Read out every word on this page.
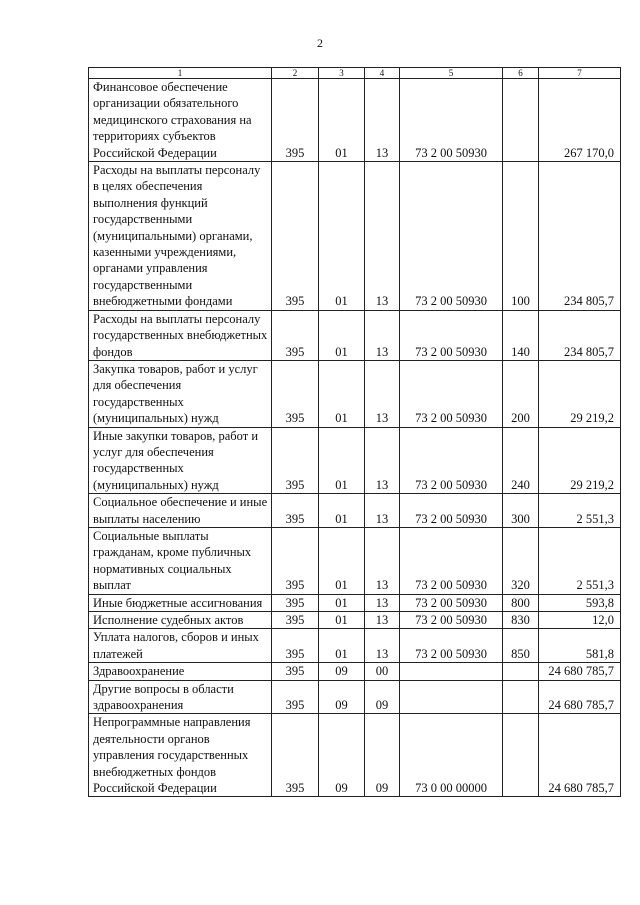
2
1	2	3	4	5	6	7
Финансовое обеспечение организации обязательного медицинского страхования на территориях субъектов Российской Федерации	395	01	13	73 2 00 50930		267 170,0
Расходы на выплаты персоналу в целях обеспечения выполнения функций государственными (муниципальными) органами, казенными учреждениями, органами управления государственными внебюджетными фондами	395	01	13	73 2 00 50930	100	234 805,7
Расходы на выплаты персоналу государственных внебюджетных фондов	395	01	13	73 2 00 50930	140	234 805,7
Закупка товаров, работ и услуг для обеспечения государственных (муниципальных) нужд	395	01	13	73 2 00 50930	200	29 219,2
Иные закупки товаров, работ и услуг для обеспечения государственных (муниципальных) нужд	395	01	13	73 2 00 50930	240	29 219,2
Социальное обеспечение и иные выплаты населению	395	01	13	73 2 00 50930	300	2 551,3
Социальные выплаты гражданам, кроме публичных нормативных социальных выплат	395	01	13	73 2 00 50930	320	2 551,3
Иные бюджетные ассигнования	395	01	13	73 2 00 50930	800	593,8
Исполнение судебных актов	395	01	13	73 2 00 50930	830	12,0
Уплата налогов, сборов и иных платежей	395	01	13	73 2 00 50930	850	581,8
Здравоохранение	395	09	00			24 680 785,7
Другие вопросы в области здравоохранения	395	09	09			24 680 785,7
Непрограммные направления деятельности органов управления государственных внебюджетных фондов Российской Федерации	395	09	09	73 0 00 00000		24 680 785,7
